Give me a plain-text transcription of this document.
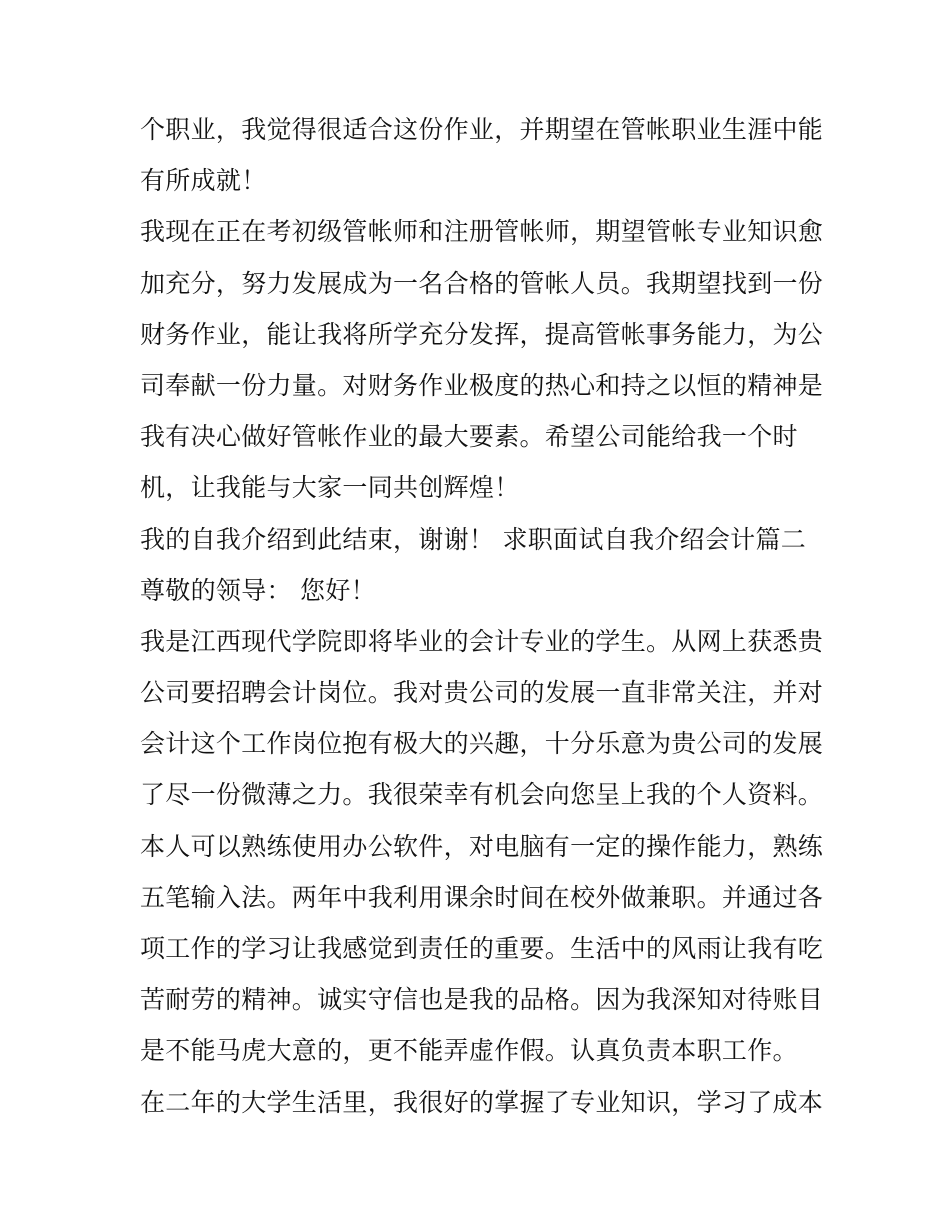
个职业，我觉得很适合这份作业，并期望在管帐职业生涯中能
有所成就！
我现在正在考初级管帐师和注册管帐师，期望管帐专业知识愈
加充分，努力发展成为一名合格的管帐人员。我期望找到一份
财务作业，能让我将所学充分发挥，提高管帐事务能力，为公
司奉献一份力量。对财务作业极度的热心和持之以恒的精神是
我有决心做好管帐作业的最大要素。希望公司能给我一个时
机，让我能与大家一同共创辉煌！
我的自我介绍到此结束，谢谢！ 求职面试自我介绍会计篇二
尊敬的领导： 您好！
我是江西现代学院即将毕业的会计专业的学生。从网上获悉贵
公司要招聘会计岗位。我对贵公司的发展一直非常关注，并对
会计这个工作岗位抱有极大的兴趣，十分乐意为贵公司的发展
了尽一份微薄之力。我很荣幸有机会向您呈上我的个人资料。
本人可以熟练使用办公软件，对电脑有一定的操作能力，熟练
五笔输入法。两年中我利用课余时间在校外做兼职。并通过各
项工作的学习让我感觉到责任的重要。生活中的风雨让我有吃
苦耐劳的精神。诚实守信也是我的品格。因为我深知对待账目
是不能马虎大意的，更不能弄虚作假。认真负责本职工作。
在二年的大学生活里，我很好的掌握了专业知识，学习了成本
